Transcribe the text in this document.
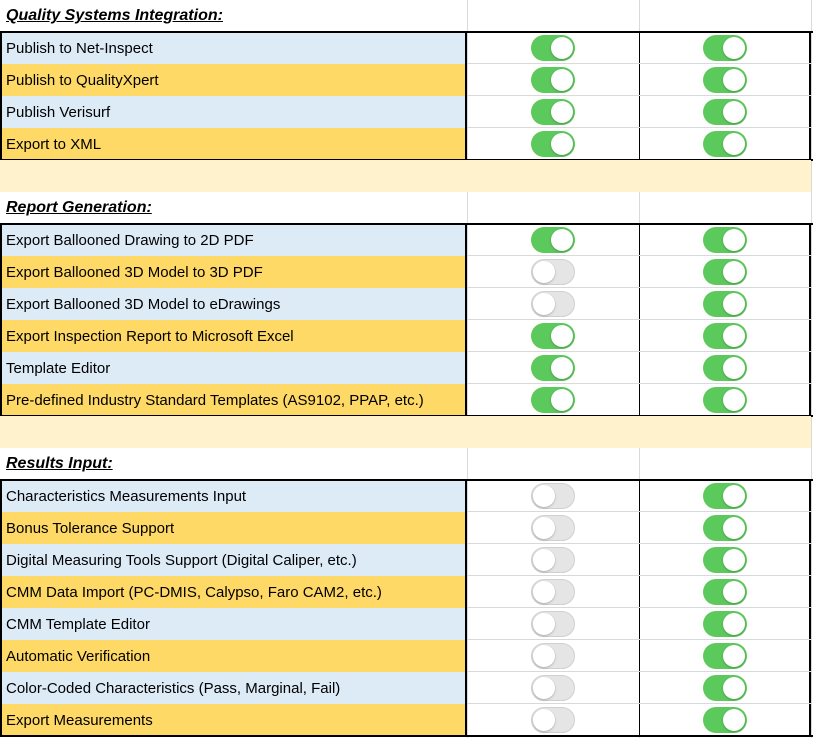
Quality Systems Integration:
Publish to Net-Inspect
Publish to QualityXpert
Publish Verisurf
Export to XML
Report Generation:
Export Ballooned Drawing to 2D PDF
Export Ballooned 3D Model to 3D PDF
Export Ballooned 3D Model to eDrawings
Export Inspection Report to Microsoft Excel
Template Editor
Pre-defined Industry Standard Templates (AS9102, PPAP, etc.)
Results Input:
Characteristics Measurements Input
Bonus Tolerance Support
Digital Measuring Tools Support (Digital Caliper, etc.)
CMM Data Import (PC-DMIS, Calypso, Faro CAM2, etc.)
CMM Template Editor
Automatic Verification
Color-Coded Characteristics (Pass, Marginal, Fail)
Export Measurements
